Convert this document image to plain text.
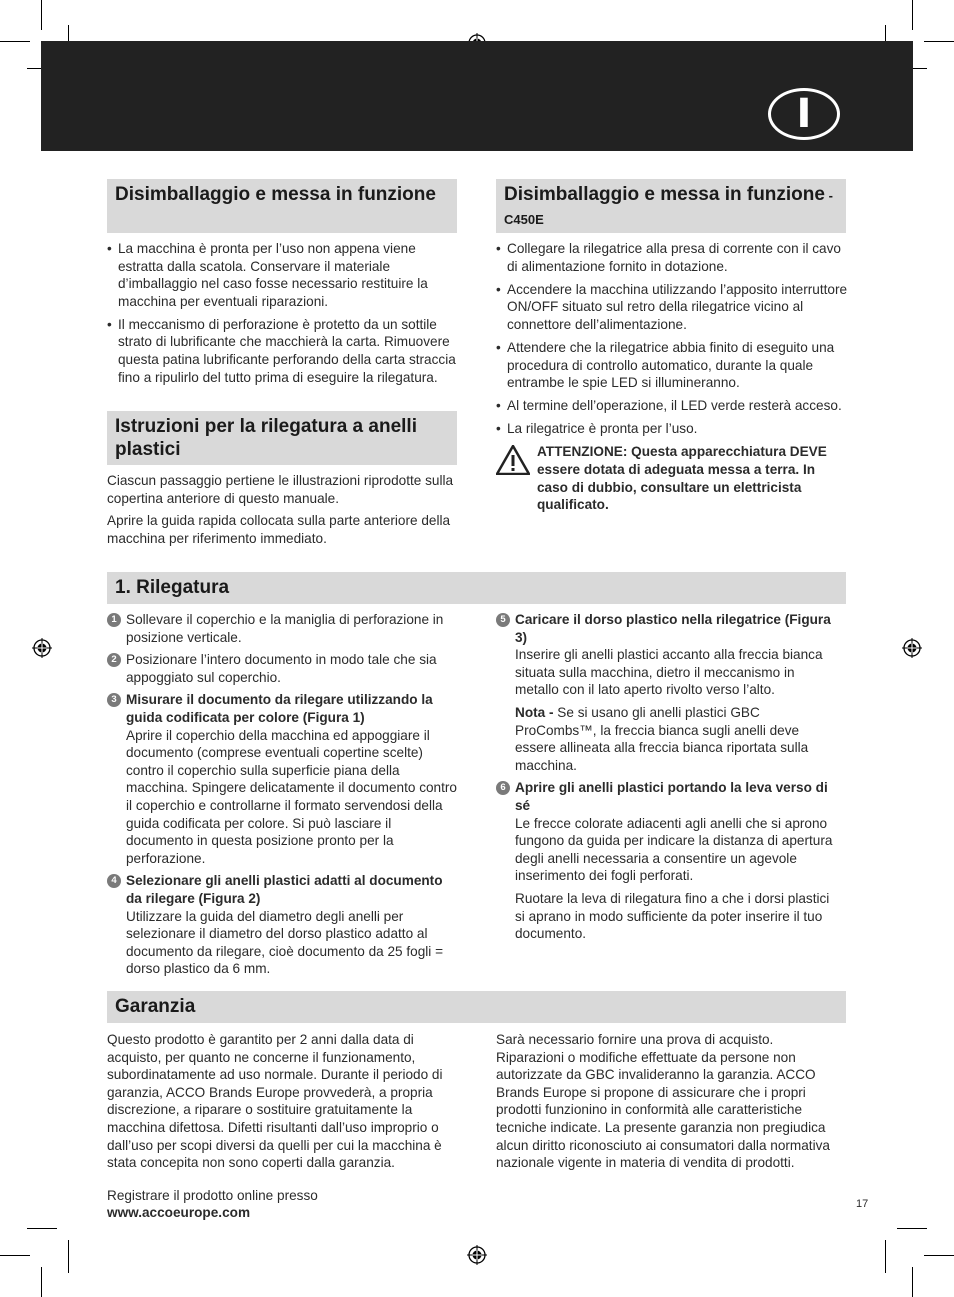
I
Disimballaggio e messa in funzione
• La macchina è pronta per l’uso non appena viene estratta dalla scatola. Conservare il materiale d’imballaggio nel caso fosse necessario restituire la macchina per eventuali riparazioni.
• Il meccanismo di perforazione è protetto da un sottile strato di lubrificante che macchierà la carta. Rimuovere questa patina lubrificante perforando della carta straccia fino a ripulirlo del tutto prima di eseguire la rilegatura.
Istruzioni per la rilegatura a anelli plastici

Ciascun passaggio pertiene le illustrazioni riprodotte sulla copertina anteriore di questo manuale.

Aprire la guida rapida collocata sulla parte anteriore della macchina per riferimento immediato.

Disimballaggio e messa in funzione - C450E
• Collegare la rilegatrice alla presa di corrente con il cavo di alimentazione fornito in dotazione.
• Accendere la macchina utilizzando l’apposito interruttore ON/OFF situato sul retro della rilegatrice vicino al connettore dell’alimentazione.
• Attendere che la rilegatrice abbia finito di eseguito una procedura di controllo automatico, durante la quale entrambe le spie LED si illumineranno.
• Al termine dell’operazione, il LED verde resterà acceso.
• La rilegatrice è pronta per l’uso.
ATTENZIONE: Questa apparecchiatura DEVE essere dotata di adeguata messa a terra. In caso di dubbio, consultare un elettricista qualificato.
1. Rilegatura
1 Sollevare il coperchio e la maniglia di perforazione in posizione verticale.
2 Posizionare l’intero documento in modo tale che sia appoggiato sul coperchio.
3 Misurare il documento da rilegare utilizzando la guida codificata per colore (Figura 1)
Aprire il coperchio della macchina ed appoggiare il documento (comprese eventuali copertine scelte) contro il coperchio sulla superficie piana della macchina. Spingere delicatamente il documento contro il coperchio e controllarne il formato servendosi della guida codificata per colore. Si può lasciare il documento in questa posizione pronto per la perforazione.
4 Selezionare gli anelli plastici adatti al documento da rilegare (Figura 2)
Utilizzare la guida del diametro degli anelli per selezionare il diametro del dorso plastico adatto al documento da rilegare, cioè documento da 25 fogli = dorso plastico da 6 mm.
5 Caricare il dorso plastico nella rilegatrice (Figura 3)
Inserire gli anelli plastici accanto alla freccia bianca situata sulla macchina, dietro il meccanismo in metallo con il lato aperto rivolto verso l’alto.
Nota - Se si usano gli anelli plastici GBC ProCombs™, la freccia bianca sugli anelli deve essere allineata alla freccia bianca riportata sulla macchina.
6 Aprire gli anelli plastici portando la leva verso di sé
Le frecce colorate adiacenti agli anelli che si aprono fungono da guida per indicare la distanza di apertura degli anelli necessaria a consentire un agevole inserimento dei fogli perforati.
Ruotare la leva di rilegatura fino a che i dorsi plastici si aprano in modo sufficiente da poter inserire il tuo documento.
Garanzia

Questo prodotto è garantito per 2 anni dalla data di acquisto, per quanto ne concerne il funzionamento, subordinatamente ad uso normale. Durante il periodo di garanzia, ACCO Brands Europe provvederà, a propria discrezione, a riparare o sostituire gratuitamente la macchina difettosa. Difetti risultanti dall’uso improprio o dall’uso per scopi diversi da quelli per cui la macchina è stata concepita non sono coperti dalla garanzia.

Registrare il prodotto online presso www.accoeurope.com

Sarà necessario fornire una prova di acquisto. Riparazioni o modifiche effettuate da persone non autorizzate da GBC invalideranno la garanzia. ACCO Brands Europe si propone di assicurare che i propri prodotti funzionino in conformità alle caratteristiche tecniche indicate. La presente garanzia non pregiudica alcun diritto riconosciuto ai consumatori dalla normativa nazionale vigente in materia di vendita di prodotti.

17
